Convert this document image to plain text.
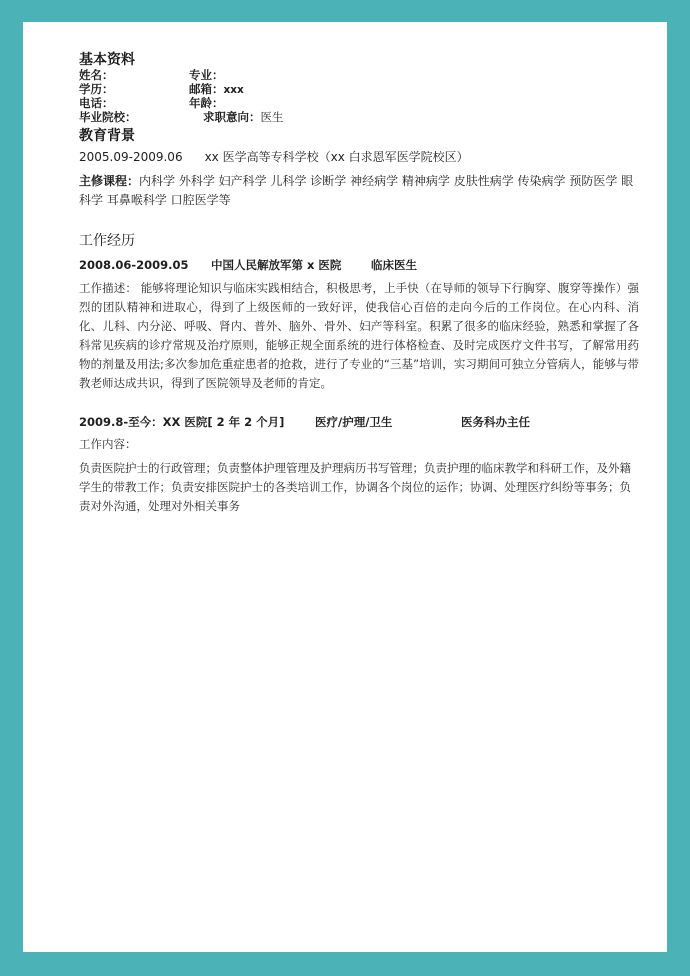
基本资料
姓名：	专业：
学历：	邮箱：xxx
电话：	年龄：
毕业院校：	求职意向：医生
教育背景
2005.09-2009.06 xx 医学高等专科学校（xx 白求恩军医学院校区）
主修课程：内科学 外科学 妇产科学 儿科学 诊断学 神经病学 精神病学 皮肤性病学 传染病学 预防医学 眼科学 耳鼻喉科学 口腔医学等
工作经历
2008.06-2009.05 中国人民解放军第 x 医院	临床医生
工作描述： 能够将理论知识与临床实践相结合，积极思考，上手快（在导师的领导下行胸穿、腹穿等操作）强烈的团队精神和进取心，得到了上级医师的一致好评，使我信心百倍的走向今后的工作岗位。在心内科、消化、儿科、内分泌、呼吸、肾内、普外、脑外、骨外、妇产等科室。积累了很多的临床经验，熟悉和掌握了各科常见疾病的诊疗常规及治疗原则，能够正规全面系统的进行体格检查、及时完成医疗文件书写，了解常用药物的剂量及用法;多次参加危重症患者的抢救，进行了专业的“三基”培训，实习期间可独立分管病人，能够与带教老师达成共识，得到了医院领导及老师的肯定。
2009.8-至今：XX 医院[ 2 年 2 个月]	医疗/护理/卫生	医务科办主任
工作内容：
负责医院护士的行政管理；负责整体护理管理及护理病历书写管理；负责护理的临床教学和科研工作，及外籍学生的带教工作；负责安排医院护士的各类培训工作，协调各个岗位的运作；协调、处理医疗纠纷等事务；负责对外沟通，处理对外相关事务
